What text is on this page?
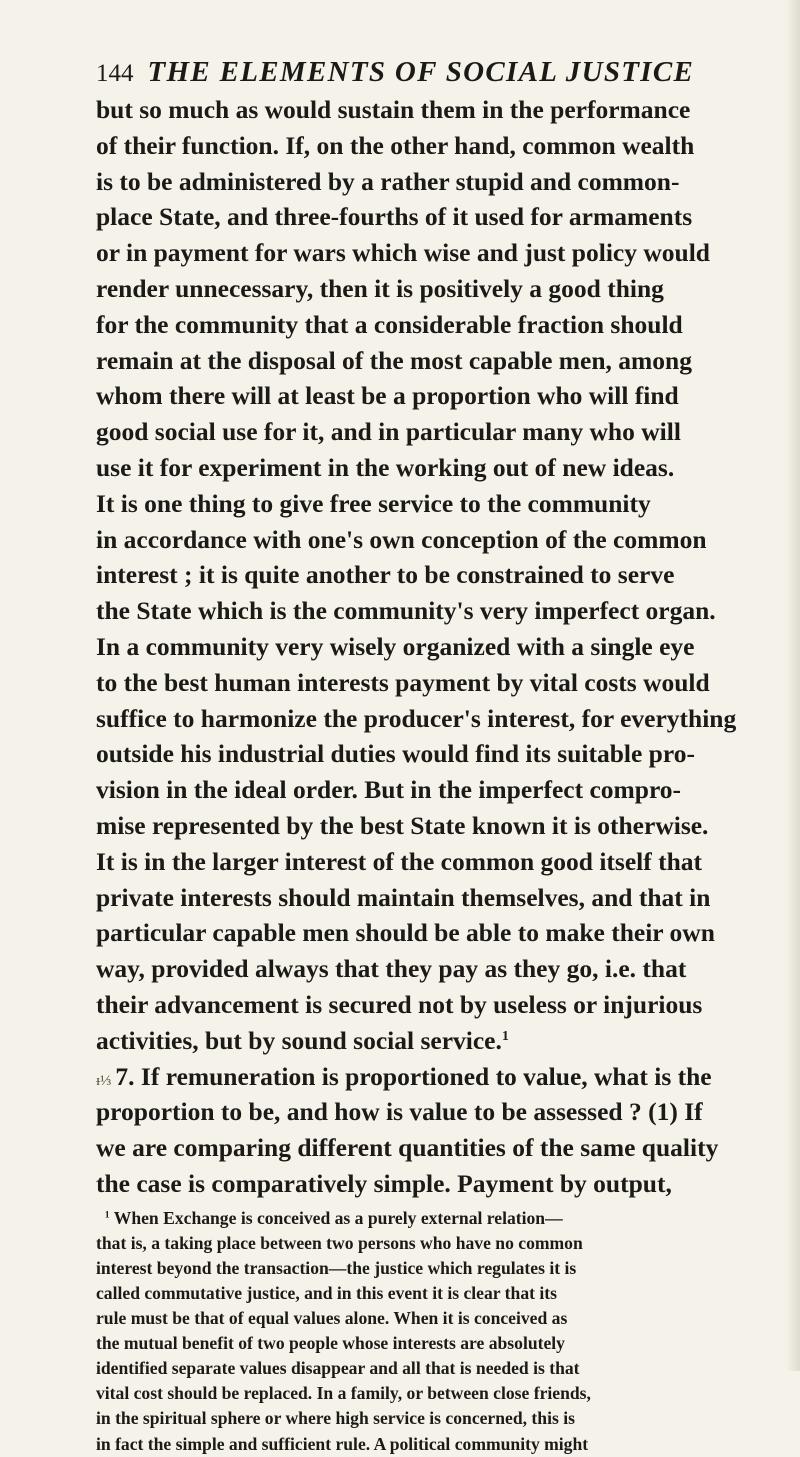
144 THE ELEMENTS OF SOCIAL JUSTICE
but so much as would sustain them in the performance
of their function. If, on the other hand, common wealth
is to be administered by a rather stupid and common-
place State, and three-fourths of it used for armaments
or in payment for wars which wise and just policy would
render unnecessary, then it is positively a good thing
for the community that a considerable fraction should
remain at the disposal of the most capable men, among
whom there will at least be a proportion who will find
good social use for it, and in particular many who will
use it for experiment in the working out of new ideas.
It is one thing to give free service to the community
in accordance with one's own conception of the common
interest ; it is quite another to be constrained to serve
the State which is the community's very imperfect organ.
In a community very wisely organized with a single eye
to the best human interests payment by vital costs would
suffice to harmonize the producer's interest, for everything
outside his industrial duties would find its suitable pro-
vision in the ideal order. But in the imperfect compro-
mise represented by the best State known it is otherwise.
It is in the larger interest of the common good itself that
private interests should maintain themselves, and that in
particular capable men should be able to make their own
way, provided always that they pay as they go, i.e. that
their advancement is secured not by useless or injurious
activities, but by sound social service.$^1$
ᵻ⅓ 7. If remuneration is proportioned to value, what is the
proportion to be, and how is value to be assessed ? (1) If
we are comparing different quantities of the same quality
the case is comparatively simple. Payment by output,
$^1$ When Exchange is conceived as a purely external relation—
that is, a taking place between two persons who have no common
interest beyond the transaction—the justice which regulates it is
called commutative justice, and in this event it is clear that its
rule must be that of equal values alone. When it is conceived as
the mutual benefit of two people whose interests are absolutely
identified separate values disappear and all that is needed is that
vital cost should be replaced. In a family, or between close friends,
in the spiritual sphere or where high service is concerned, this is
in fact the simple and sufficient rule. A political community might
